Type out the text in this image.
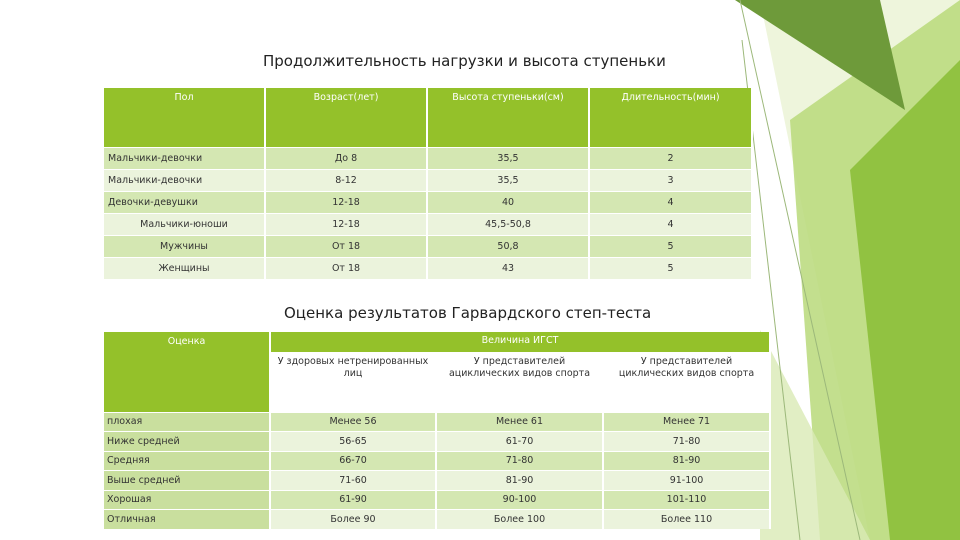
Продолжительность нагрузки и высота ступеньки
Пол	Возраст(лет)	Высота ступеньки(см)	Длительность(мин)
Мальчики-девочки	До 8	35,5	2
Мальчики-девочки	8-12	35,5	3
Девочки-девушки	12-18	40	4
Мальчики-юноши	12-18	45,5-50,8	4
Мужчины	От 18	50,8	5
Женщины	От 18	43	5
Оценка результатов Гарвардского степ-теста
Оценка	Величина ИГСТ		
	У здоровых нетренированных лиц	У представителей ациклических видов спорта	У представителей циклических видов спорта
плохая	Менее 56	Менее 61	Менее 71
Ниже средней	56-65	61-70	71-80
Средняя	66-70	71-80	81-90
Выше средней	71-60	81-90	91-100
Хорошая	61-90	90-100	101-110
Отличная	Более 90	Более 100	Более 110
